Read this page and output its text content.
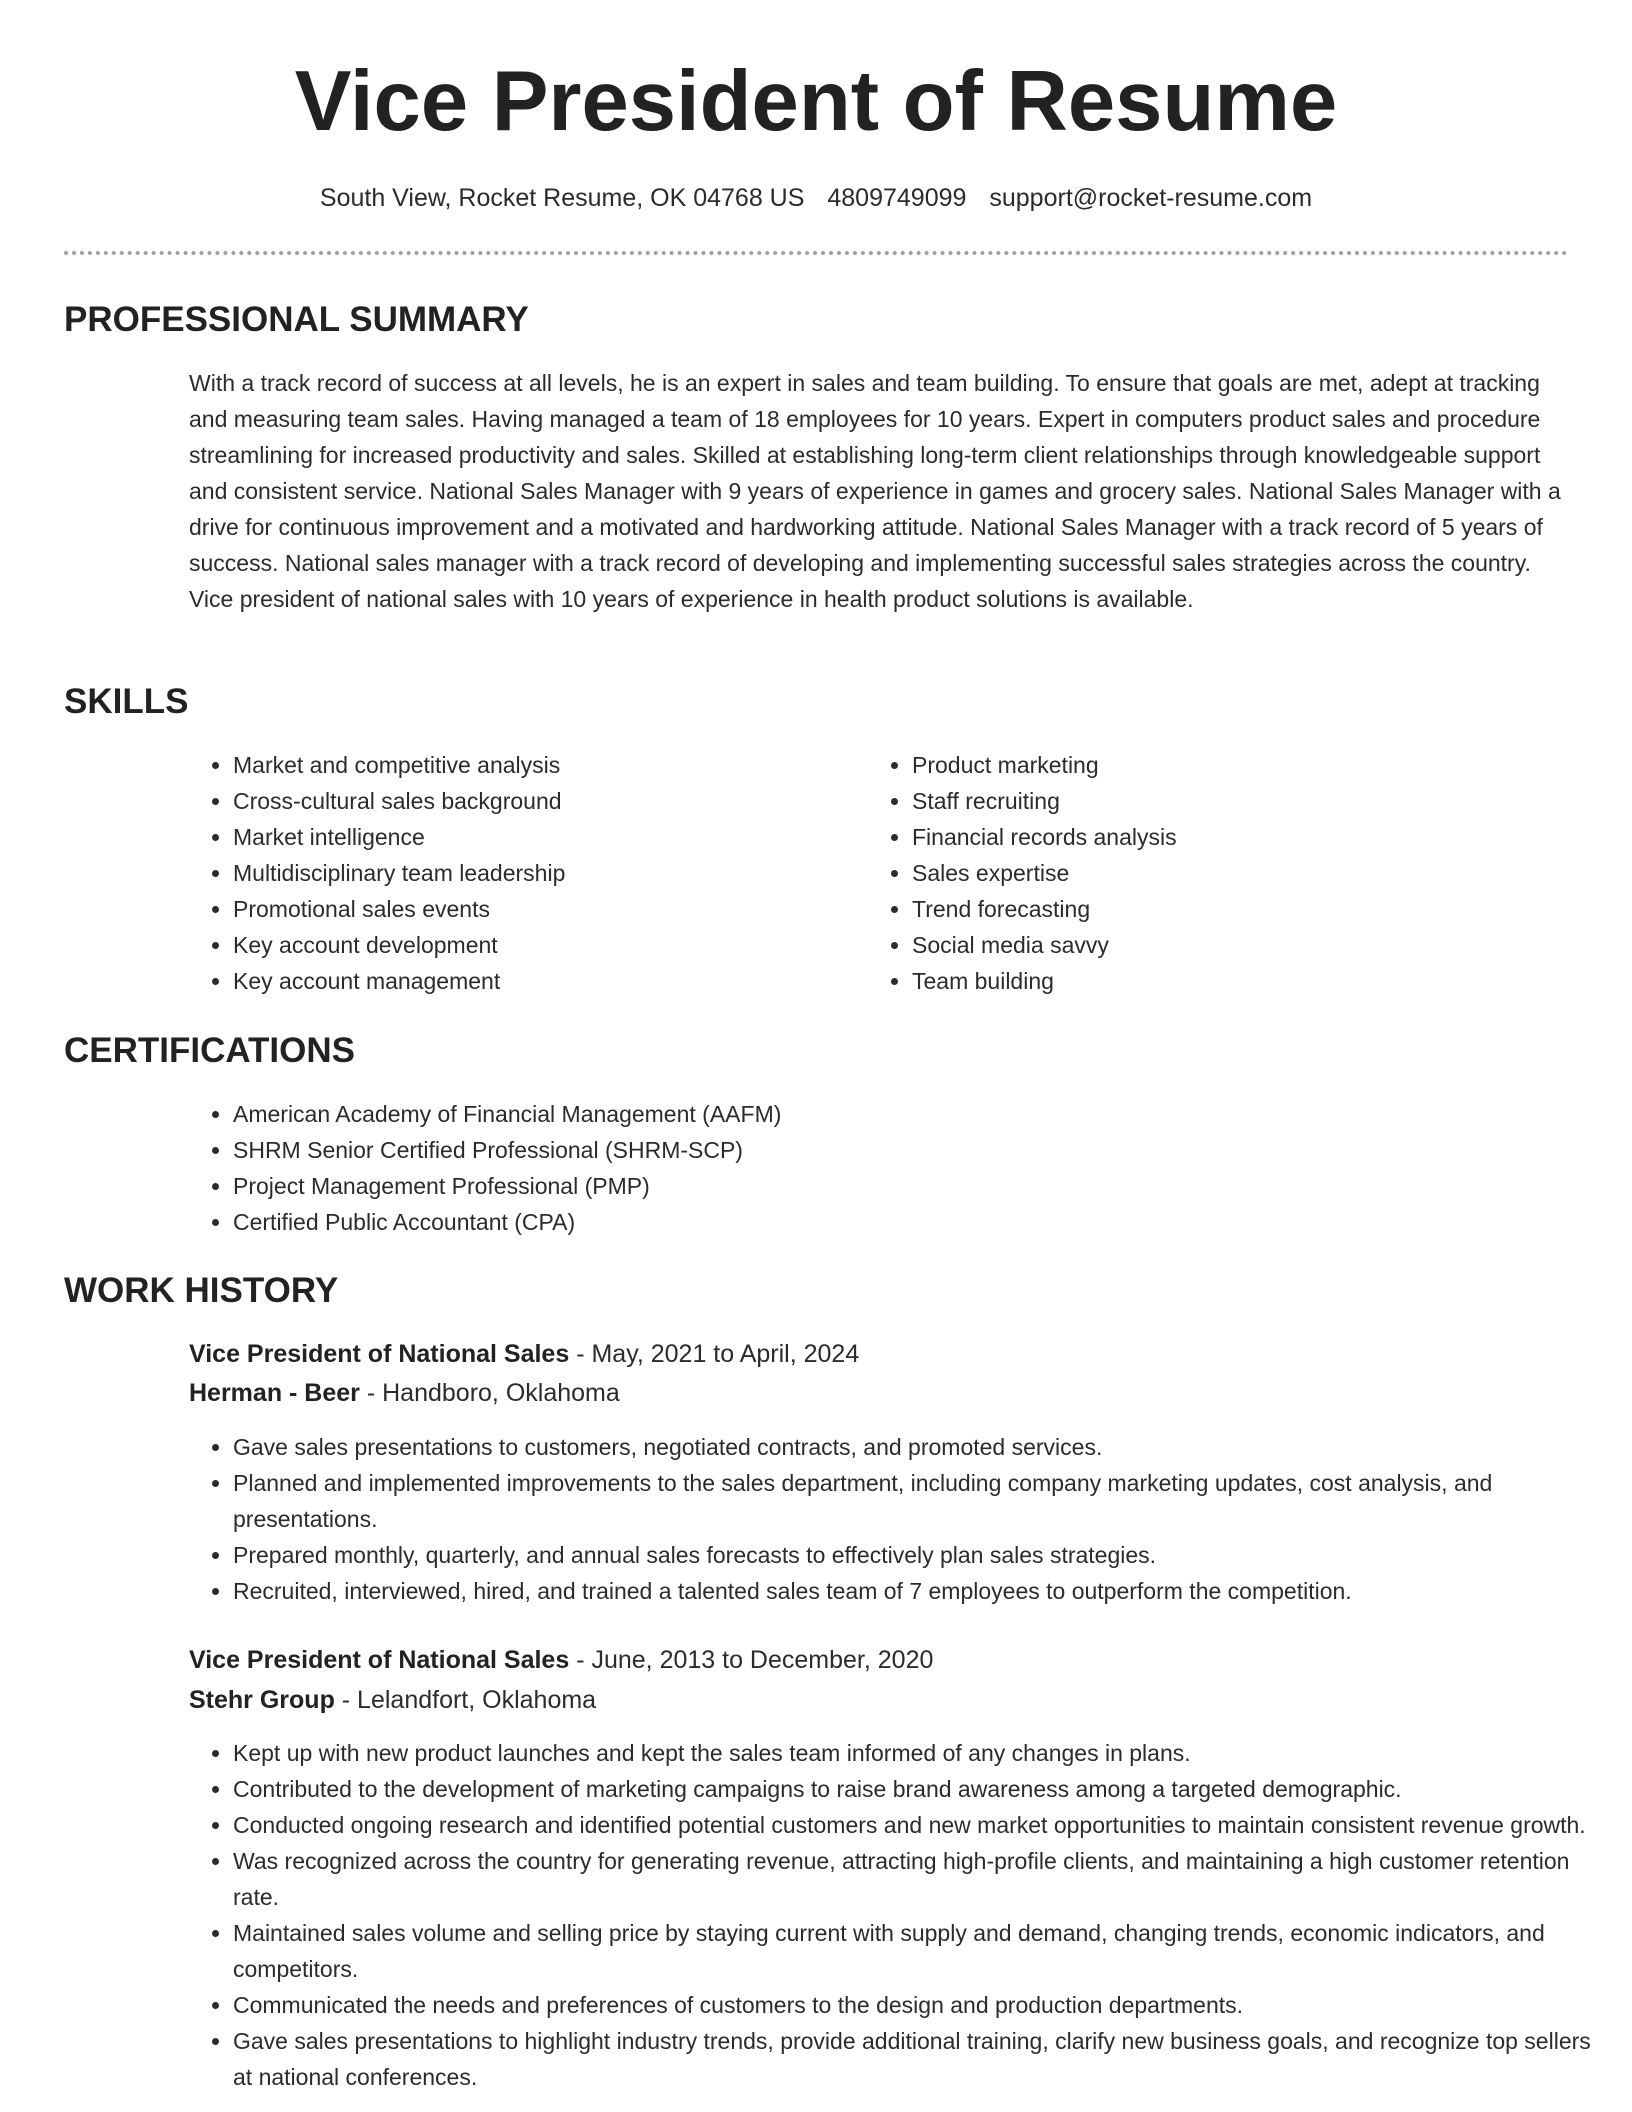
Vice President of Resume
South View, Rocket Resume, OK 04768 US 4809749099 support@rocket-resume.com
PROFESSIONAL SUMMARY

With a track record of success at all levels, he is an expert in sales and team building. To ensure that goals are met, adept at tracking and measuring team sales. Having managed a team of 18 employees for 10 years. Expert in computers product sales and procedure streamlining for increased productivity and sales. Skilled at establishing long-term client relationships through knowledgeable support and consistent service. National Sales Manager with 9 years of experience in games and grocery sales. National Sales Manager with a drive for continuous improvement and a motivated and hardworking attitude. National Sales Manager with a track record of 5 years of success. National sales manager with a track record of developing and implementing successful sales strategies across the country. Vice president of national sales with 10 years of experience in health product solutions is available.

SKILLS
• Market and competitive analysis
• Cross-cultural sales background
• Market intelligence
• Multidisciplinary team leadership
• Promotional sales events
• Key account development
• Key account management
• Product marketing
• Staff recruiting
• Financial records analysis
• Sales expertise
• Trend forecasting
• Social media savvy
• Team building
CERTIFICATIONS
• American Academy of Financial Management (AAFM)
• SHRM Senior Certified Professional (SHRM-SCP)
• Project Management Professional (PMP)
• Certified Public Accountant (CPA)
WORK HISTORY
Vice President of National Sales - May, 2021 to April, 2024
Herman - Beer - Handboro, Oklahoma
• Gave sales presentations to customers, negotiated contracts, and promoted services.
• Planned and implemented improvements to the sales department, including company marketing updates, cost analysis, and presentations.
• Prepared monthly, quarterly, and annual sales forecasts to effectively plan sales strategies.
• Recruited, interviewed, hired, and trained a talented sales team of 7 employees to outperform the competition.
Vice President of National Sales - June, 2013 to December, 2020
Stehr Group - Lelandfort, Oklahoma
• Kept up with new product launches and kept the sales team informed of any changes in plans.
• Contributed to the development of marketing campaigns to raise brand awareness among a targeted demographic.
• Conducted ongoing research and identified potential customers and new market opportunities to maintain consistent revenue growth.
• Was recognized across the country for generating revenue, attracting high-profile clients, and maintaining a high customer retention rate.
• Maintained sales volume and selling price by staying current with supply and demand, changing trends, economic indicators, and competitors.
• Communicated the needs and preferences of customers to the design and production departments.
• Gave sales presentations to highlight industry trends, provide additional training, clarify new business goals, and recognize top sellers at national conferences.
